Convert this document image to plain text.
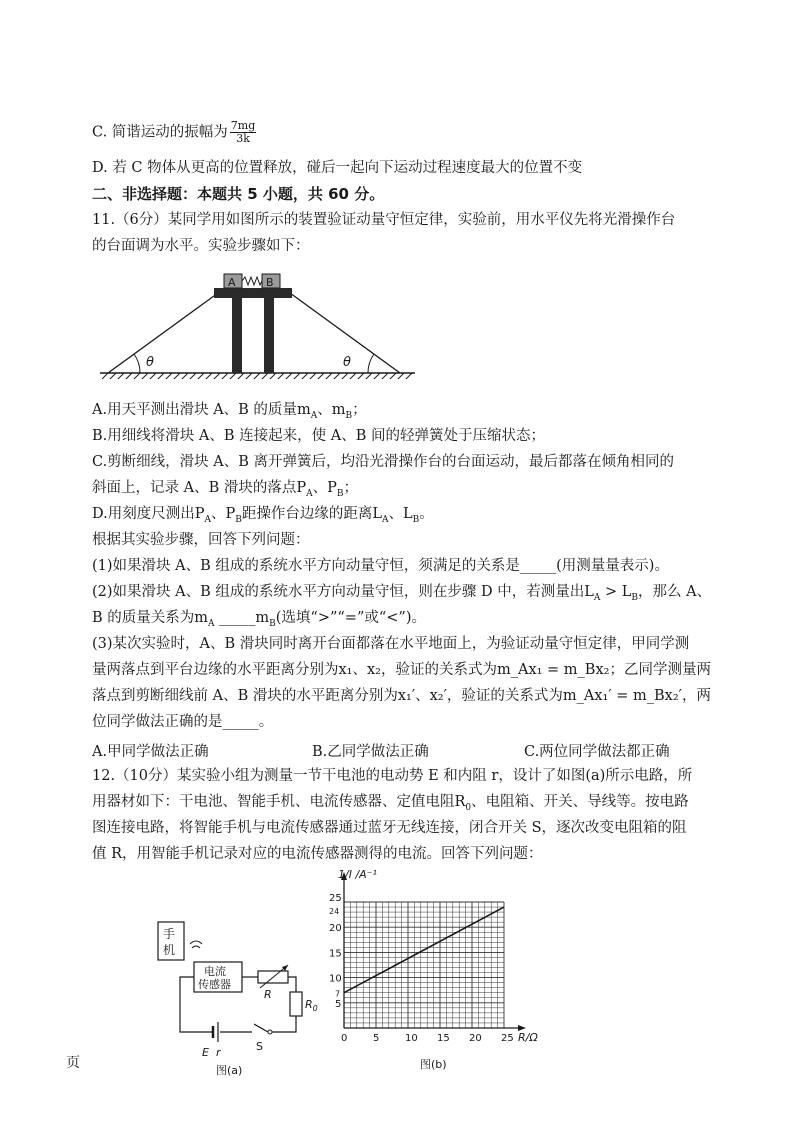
C. 简谐运动的振幅为 $\frac{7mg}{3k}$
D. 若 C 物体从更高的位置释放，碰后一起向下运动过程速度最大的位置不变
二、非选择题：本题共 5 小题，共 60 分。
11.（6分）某同学用如图所示的装置验证动量守恒定律，实验前，用水平仪先将光滑操作台
的台面调为水平。实验步骤如下：
θ	θ
A	B
A.用天平测出滑块 A、B 的质量$m_A$、$m_B$；
B.用细线将滑块 A、B 连接起来，使 A、B 间的轻弹簧处于压缩状态；
C.剪断细线，滑块 A、B 离开弹簧后，均沿光滑操作台的台面运动，最后都落在倾角相同的
斜面上，记录 A、B 滑块的落点$P_A$、$P_B$；
D.用刻度尺测出$P_A$、$P_B$距操作台边缘的距离$L_A$、$L_B$。
根据其实验步骤，回答下列问题：
(1)如果滑块 A、B 组成的系统水平方向动量守恒，须满足的关系是_____(用测量量表示)。
(2)如果滑块 A、B 组成的系统水平方向动量守恒，则在步骤 D 中，若测量出$L_A > L_B$，那么 A、
B 的质量关系为$m_A$ $\_\_\_\_\_m_B$(选填“>”“=”或“<”)。
(3)某次实验时，A、B 滑块同时离开台面都落在水平地面上，为验证动量守恒定律，甲同学测
量两落点到平台边缘的水平距离分别为x₁、x₂，验证的关系式为m_Ax₁ = m_Bx₂；乙同学测量两
落点到剪断细线前 A、B 滑块的水平距离分别为x₁′、x₂′，验证的关系式为m_Ax₁′ = m_Bx₂′，两
位同学做法正确的是_____。
A.甲同学做法正确	B.乙同学做法正确	C.两位同学做法都正确
12.（10分）某实验小组为测量一节干电池的电动势 E 和内阻 r，设计了如图(a)所示电路，所
用器材如下：干电池、智能手机、电流传感器、定值电阻$R_0$、电阻箱、开关、导线等。按电路
图连接电路，将智能手机与电流传感器通过蓝牙无线连接，闭合开关 S，逐次改变电阻箱的阻
值 R，用智能手机记录对应的电流传感器测得的电流。回答下列问题：
手
机
电流
传感器
R
$R_0$
S
E r
图(a)
0	5	10 15 20 25
5
10
15
20
24
25
7
1/I /A⁻¹
R/Ω
图(b)
页
